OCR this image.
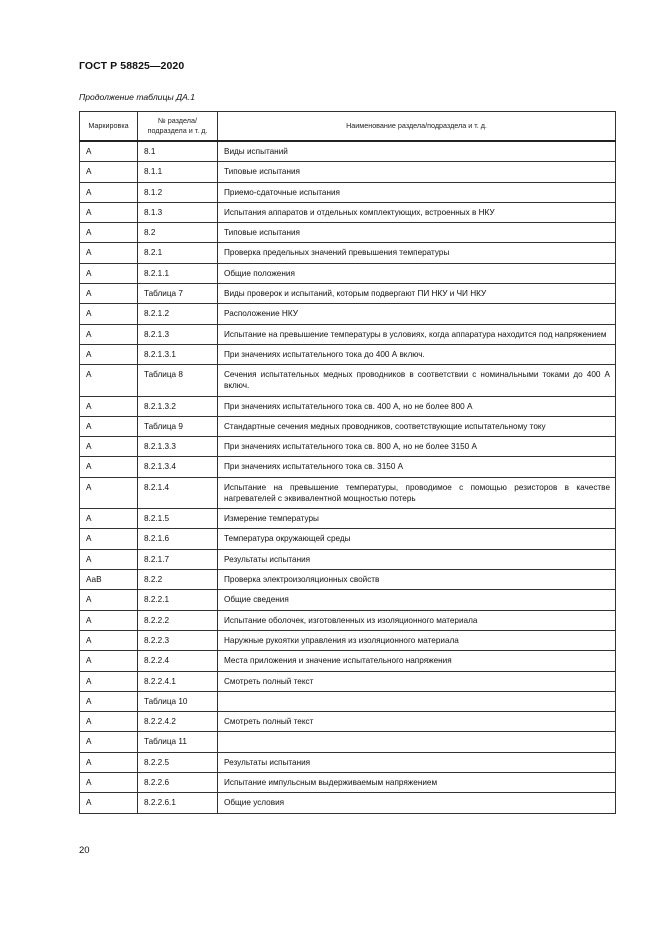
ГОСТ Р 58825—2020
Продолжение таблицы ДА.1
Маркировка	№ раздела/ подраздела и т. д.	Наименование раздела/подраздела и т. д.
А	8.1	Виды испытаний
А	8.1.1	Типовые испытания
А	8.1.2	Приемо-сдаточные испытания
А	8.1.3	Испытания аппаратов и отдельных комплектующих, встроенных в НКУ
А	8.2	Типовые испытания
А	8.2.1	Проверка предельных значений превышения температуры
А	8.2.1.1	Общие положения
А	Таблица 7	Виды проверок и испытаний, которым подвергают ПИ НКУ и ЧИ НКУ
А	8.2.1.2	Расположение НКУ
А	8.2.1.3	Испытание на превышение температуры в условиях, когда аппаратура находится под напряжением
А	8.2.1.3.1	При значениях испытательного тока до 400 А включ.
А	Таблица 8	Сечения испытательных медных проводников в соответствии с номинальными токами до 400 А включ.
А	8.2.1.3.2	При значениях испытательного тока св. 400 А, но не более 800 А
А	Таблица 9	Стандартные сечения медных проводников, соответствующие испытательному току
А	8.2.1.3.3	При значениях испытательного тока св. 800 А, но не более 3150 А
А	8.2.1.3.4	При значениях испытательного тока св. 3150 А
А	8.2.1.4	Испытание на превышение температуры, проводимое с помощью резисторов в качестве нагревателей с эквивалентной мощностью потерь
А	8.2.1.5	Измерение температуры
А	8.2.1.6	Температура окружающей среды
А	8.2.1.7	Результаты испытания
АаВ	8.2.2	Проверка электроизоляционных свойств
А	8.2.2.1	Общие сведения
А	8.2.2.2	Испытание оболочек, изготовленных из изоляционного материала
А	8.2.2.3	Наружные рукоятки управления из изоляционного материала
А	8.2.2.4	Места приложения и значение испытательного напряжения
А	8.2.2.4.1	Смотреть полный текст
А	Таблица 10	
А	8.2.2.4.2	Смотреть полный текст
А	Таблица 11	
А	8.2.2.5	Результаты испытания
А	8.2.2.6	Испытание импульсным выдерживаемым напряжением
А	8.2.2.6.1	Общие условия
20
